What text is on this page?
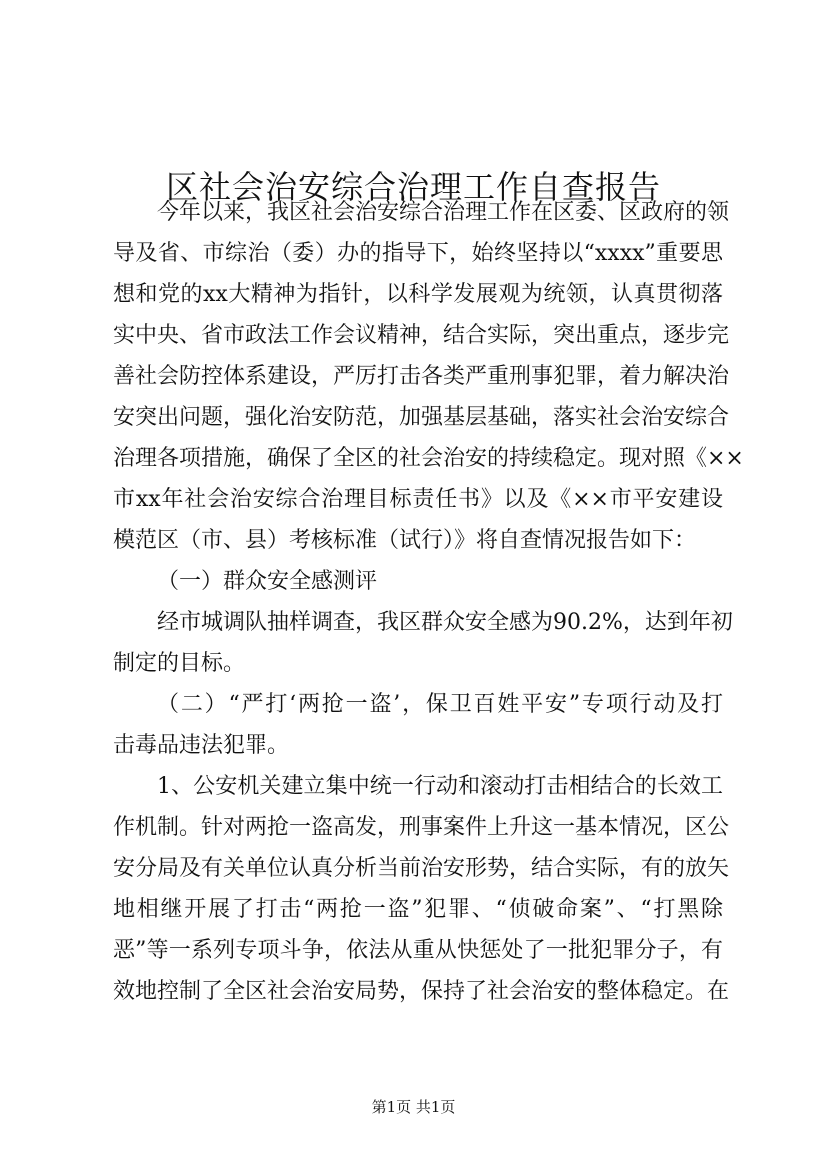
区社会治安综合治理工作自查报告
今年以来，我区社会治安综合治理工作在区委、区政府的领
导及省、市综治（委）办的指导下，始终坚持以“xxxx”重要思
想和党的xx大精神为指针，以科学发展观为统领，认真贯彻落
实中央、省市政法工作会议精神，结合实际，突出重点，逐步完
善社会防控体系建设，严厉打击各类严重刑事犯罪，着力解决治
安突出问题，强化治安防范，加强基层基础，落实社会治安综合
治理各项措施，确保了全区的社会治安的持续稳定。现对照《××
市xx年社会治安综合治理目标责任书》以及《××市平安建设
模范区（市、县）考核标准（试行）》将自查情况报告如下：
（一）群众安全感测评
经市城调队抽样调查，我区群众安全感为90.2%，达到年初
制定的目标。
（二）“严打‘两抢一盗’，保卫百姓平安”专项行动及打
击毒品违法犯罪。
1、公安机关建立集中统一行动和滚动打击相结合的长效工
作机制。针对两抢一盗高发，刑事案件上升这一基本情况，区公
安分局及有关单位认真分析当前治安形势，结合实际，有的放矢
地相继开展了打击“两抢一盗”犯罪、“侦破命案”、“打黑除
恶”等一系列专项斗争，依法从重从快惩处了一批犯罪分子，有
效地控制了全区社会治安局势，保持了社会治安的整体稳定。在
第1页 共1页
